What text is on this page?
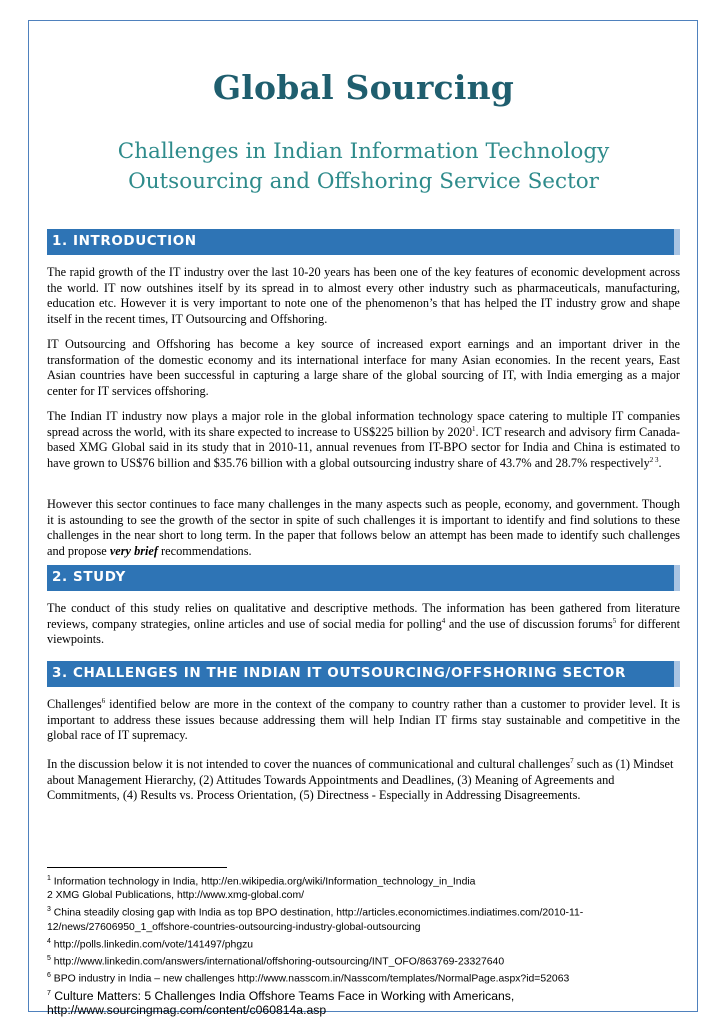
Global Sourcing
Challenges in Indian Information Technology
Outsourcing and Offshoring Service Sector
1. INTRODUCTION
The rapid growth of the IT industry over the last 10-20 years has been one of the key features of economic development across the world. IT now outshines itself by its spread in to almost every other industry such as pharmaceuticals, manufacturing, education etc. However it is very important to note one of the phenomenon’s that has helped the IT industry grow and shape itself in the recent times, IT Outsourcing and Offshoring.
IT Outsourcing and Offshoring has become a key source of increased export earnings and an important driver in the transformation of the domestic economy and its international interface for many Asian economies. In the recent years, East Asian countries have been successful in capturing a large share of the global sourcing of IT, with India emerging as a major center for IT services offshoring.
The Indian IT industry now plays a major role in the global information technology space catering to multiple IT companies spread across the world, with its share expected to increase to US$225 billion by 2020$^1$. ICT research and advisory firm Canada-based XMG Global said in its study that in 2010-11, annual revenues from IT-BPO sector for India and China is estimated to have grown to US$76 billion and $35.76 billion with a global outsourcing industry share of 43.7% and 28.7% respectively$^{2 3}$.
However this sector continues to face many challenges in the many aspects such as people, economy, and government. Though it is astounding to see the growth of the sector in spite of such challenges it is important to identify and find solutions to these challenges in the near short to long term. In the paper that follows below an attempt has been made to identify such challenges and propose very brief recommendations.
2. STUDY
The conduct of this study relies on qualitative and descriptive methods. The information has been gathered from literature reviews, company strategies, online articles and use of social media for polling$^4$ and the use of discussion forums$^5$ for different viewpoints.
3. CHALLENGES IN THE INDIAN IT OUTSOURCING/OFFSHORING SECTOR
Challenges$^6$ identified below are more in the context of the company to country rather than a customer to provider level. It is important to address these issues because addressing them will help Indian IT firms stay sustainable and competitive in the global race of IT supremacy.
In the discussion below it is not intended to cover the nuances of communicational and cultural challenges$^7$ such as (1) Mindset about Management Hierarchy, (2) Attitudes Towards Appointments and Deadlines, (3) Meaning of Agreements and Commitments, (4) Results vs. Process Orientation, (5) Directness - Especially in Addressing Disagreements.
$^1$ Information technology in India, http://en.wikipedia.org/wiki/Information_technology_in_India
2 XMG Global Publications, http://www.xmg-global.com/
$^3$ China steadily closing gap with India as top BPO destination, http://articles.economictimes.indiatimes.com/2010-11-12/news/27606950_1_offshore-countries-outsourcing-industry-global-outsourcing
$^4$ http://polls.linkedin.com/vote/141497/phgzu
$^5$ http://www.linkedin.com/answers/international/offshoring-outsourcing/INT_OFO/863769-23327640
$^6$ BPO industry in India – new challenges http://www.nasscom.in/Nasscom/templates/NormalPage.aspx?id=52063
$^7$ Culture Matters: 5 Challenges India Offshore Teams Face in Working with Americans, http://www.sourcingmag.com/content/c060814a.asp
